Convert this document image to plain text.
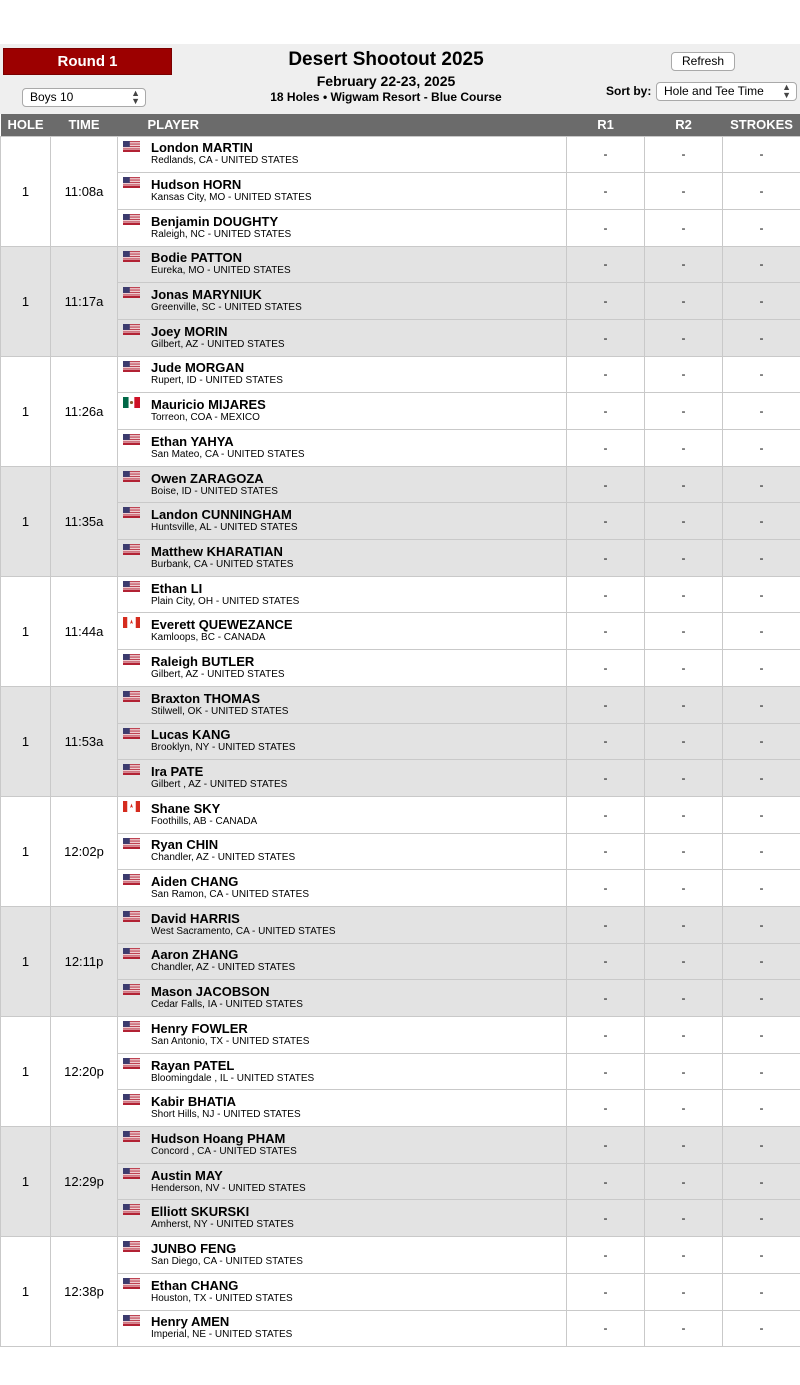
Round 1	Desert Shootout 2025
February 22-23, 2025
18 Holes • Wigwam Resort - Blue Course
Refresh
Boys 10	▲
▼
Sort by:	Hole and Tee Time ▲
▼
HOLE	TIME	PLAYER	R1	R2	STROKES
1	11:08a	London MARTIN
Redlands, CA - UNITED STATES	-	-	-

		Hudson HORN
Kansas City, MO - UNITED STATES	-	-	-

		Benjamin DOUGHTY
Raleigh, NC - UNITED STATES	-	-	-
1	11:17a	Bodie PATTON
Eureka, MO - UNITED STATES	-	-	-

		Jonas MARYNIUK
Greenville, SC - UNITED STATES	-	-	-

		Joey MORIN
Gilbert, AZ - UNITED STATES	-	-	-
1	11:26a	Jude MORGAN
Rupert, ID - UNITED STATES	-	-	-

		Mauricio MIJARES
Torreon, COA - MEXICO	-	-	-

		Ethan YAHYA
San Mateo, CA - UNITED STATES	-	-	-
1	11:35a	Owen ZARAGOZA
Boise, ID - UNITED STATES	-	-	-

		Landon CUNNINGHAM
Huntsville, AL - UNITED STATES	-	-	-

		Matthew KHARATIAN
Burbank, CA - UNITED STATES	-	-	-
1	11:44a	Ethan LI
Plain City, OH - UNITED STATES	-	-	-

		Everett QUEWEZANCE
Kamloops, BC - CANADA	-	-	-

		Raleigh BUTLER
Gilbert, AZ - UNITED STATES	-	-	-
1	11:53a	Braxton THOMAS
Stilwell, OK - UNITED STATES	-	-	-

		Lucas KANG
Brooklyn, NY - UNITED STATES	-	-	-

		Ira PATE
Gilbert , AZ - UNITED STATES	-	-	-
1	12:02p	Shane SKY
Foothills, AB - CANADA	-	-	-

		Ryan CHIN
Chandler, AZ - UNITED STATES	-	-	-

		Aiden CHANG
San Ramon, CA - UNITED STATES	-	-	-
1	12:11p	David HARRIS
West Sacramento, CA - UNITED STATES	-	-	-

		Aaron ZHANG
Chandler, AZ - UNITED STATES	-	-	-

		Mason JACOBSON
Cedar Falls, IA - UNITED STATES	-	-	-
1	12:20p	Henry FOWLER
San Antonio, TX - UNITED STATES	-	-	-

		Rayan PATEL
Bloomingdale , IL - UNITED STATES	-	-	-

		Kabir BHATIA
Short Hills, NJ - UNITED STATES	-	-	-
1	12:29p	Hudson Hoang PHAM
Concord , CA - UNITED STATES	-	-	-

		Austin MAY
Henderson, NV - UNITED STATES	-	-	-

		Elliott SKURSKI
Amherst, NY - UNITED STATES	-	-	-
1	12:38p	JUNBO FENG
San Diego, CA - UNITED STATES	-	-	-

		Ethan CHANG
Houston, TX - UNITED STATES	-	-	-

		Henry AMEN
Imperial, NE - UNITED STATES	-	-	-
